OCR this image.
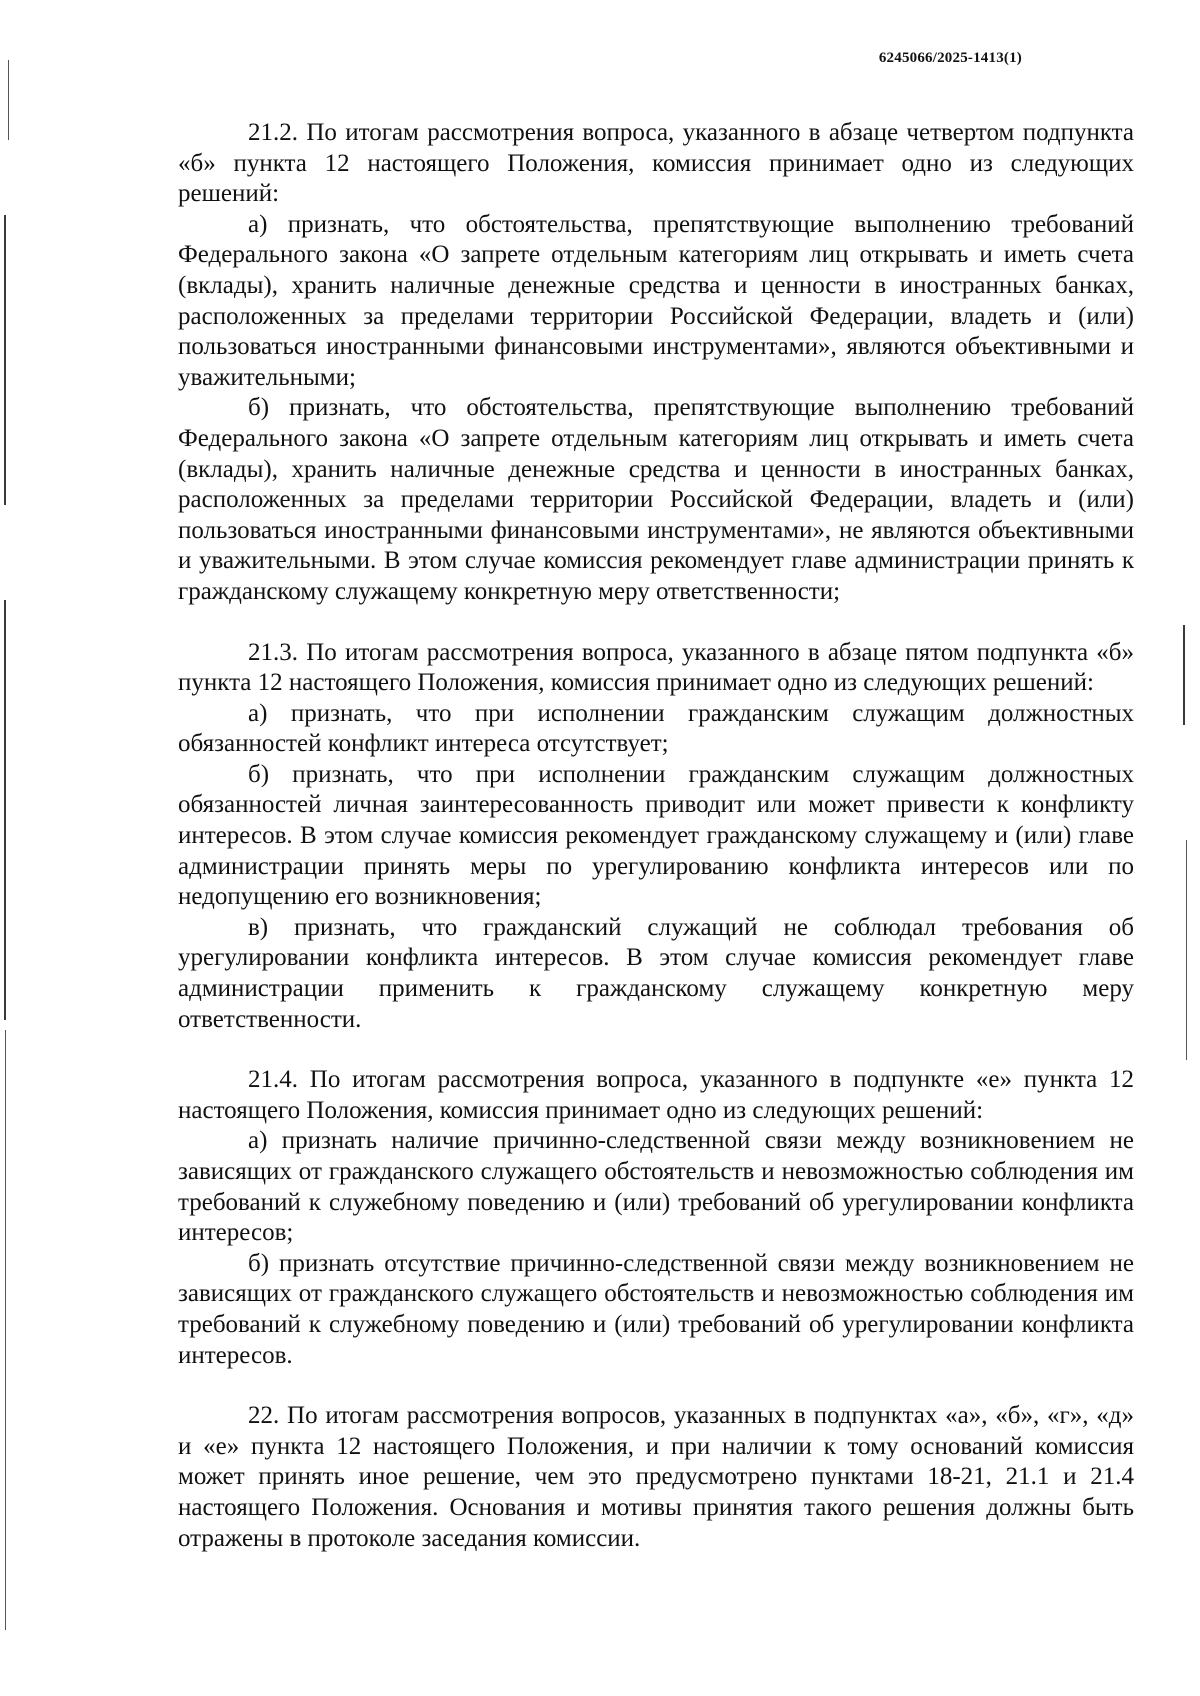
6245066/2025-1413(1)

21.2. По итогам рассмотрения вопроса, указанного в абзаце четвертом подпункта «б» пункта 12 настоящего Положения, комиссия принимает одно из следующих решений:

а) признать, что обстоятельства, препятствующие выполнению требований Федерального закона «О запрете отдельным категориям лиц открывать и иметь счета (вклады), хранить наличные денежные средства и ценности в иностранных банках, расположенных за пределами территории Российской Федерации, владеть и (или) пользоваться иностранными финансовыми инструментами», являются объективными и уважительными;

б) признать, что обстоятельства, препятствующие выполнению требований Федерального закона «О запрете отдельным категориям лиц открывать и иметь счета (вклады), хранить наличные денежные средства и ценности в иностранных банках, расположенных за пределами территории Российской Федерации, владеть и (или) пользоваться иностранными финансовыми инструментами», не являются объективными и уважительными. В этом случае комиссия рекомендует главе администрации принять к гражданскому служащему конкретную меру ответственности;

21.3. По итогам рассмотрения вопроса, указанного в абзаце пятом подпункта «б» пункта 12 настоящего Положения, комиссия принимает одно из следующих решений:

а) признать, что при исполнении гражданским служащим должностных обязанностей конфликт интереса отсутствует;

б) признать, что при исполнении гражданским служащим должностных обязанностей личная заинтересованность приводит или может привести к конфликту интересов. В этом случае комиссия рекомендует гражданскому служащему и (или) главе администрации принять меры по урегулированию конфликта интересов или по недопущению его возникновения;

в) признать, что гражданский служащий не соблюдал требования об урегулировании конфликта интересов. В этом случае комиссия рекомендует главе администрации применить к гражданскому служащему конкретную меру ответственности.

21.4. По итогам рассмотрения вопроса, указанного в подпункте «е» пункта 12 настоящего Положения, комиссия принимает одно из следующих решений:

а) признать наличие причинно-следственной связи между возникновением не зависящих от гражданского служащего обстоятельств и невозможностью соблюдения им требований к служебному поведению и (или) требований об урегулировании конфликта интересов;

б) признать отсутствие причинно-следственной связи между возникновением не зависящих от гражданского служащего обстоятельств и невозможностью соблюдения им требований к служебному поведению и (или) требований об урегулировании конфликта интересов.

22. По итогам рассмотрения вопросов, указанных в подпунктах «а», «б», «г», «д» и «е» пункта 12 настоящего Положения, и при наличии к тому оснований комиссия может принять иное решение, чем это предусмотрено пунктами 18-21, 21.1 и 21.4 настоящего Положения. Основания и мотивы принятия такого решения должны быть отражены в протоколе заседания комиссии.
